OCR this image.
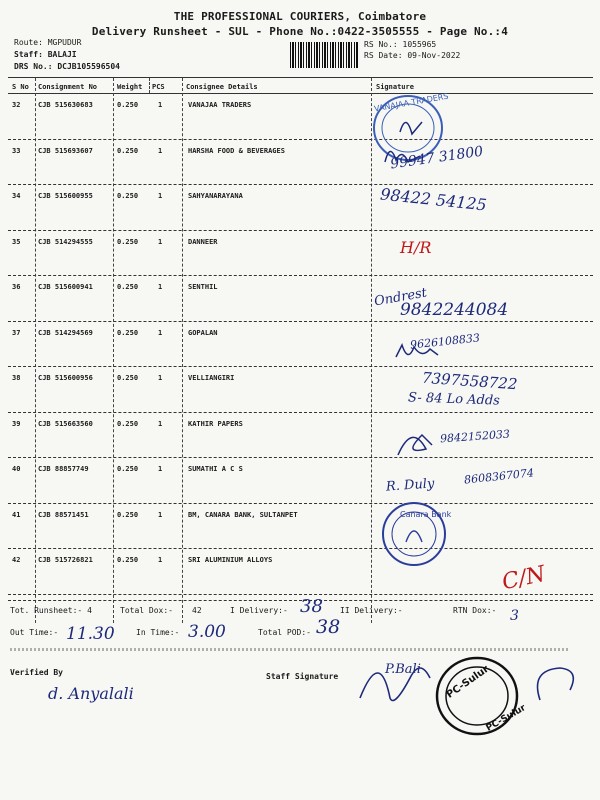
THE PROFESSIONAL COURIERS, Coimbatore
Delivery Runsheet - SUL - Phone No.:0422-3505555 - Page No.:4
Route: MGPUDUR
Staff: BALAJI
DRS No.: DCJB105596504
RS No.: 1055965
RS Date: 09-Nov-2022
S No Consignment No	Weight PCS	Consignee Details	Signature
32	CJB 515630683	0.250	1	VANAJAA TRADERS
33	CJB 515693607	0.250	1	HARSHA FOOD & BEVERAGES
34	CJB 515600955	0.250	1	SAHYANARAYANA
35	CJB 514294555	0.250	1	DANNEER
36	CJB 515600941	0.250	1	SENTHIL
37	CJB 514294569	0.250	1	GOPALAN
38	CJB 515600956	0.250	1	VELLIANGIRI
39	CJB 515663560	0.250	1	KATHIR PAPERS
40	CJB 88857749	0.250	1	SUMATHI A C S
41	CJB 88571451	0.250	1	BM, CANARA BANK, SULTANPET
42	CJB 515726821	0.250	1	SRI ALUMINIUM ALLOYS
VANAJAA TRADERS
Canara Bank
PC-Sulur
PC-Sulur
99947 31800
98422 54125
H/R
Ondrest
9842244084
9626108833
7397558722
S- 84 Lo Adds
9842152033
R. Duly	8608367074
C/N
Tot. Runsheet:- 4	Total Dox:- 42	I Delivery:- 38 II Delivery:-	RTN Dox:- 3
Out Time:- 11.30	In Time:- 3.00	Total POD:- 38
Verified By
d. Anyalali
Staff Signature	P.Bali
